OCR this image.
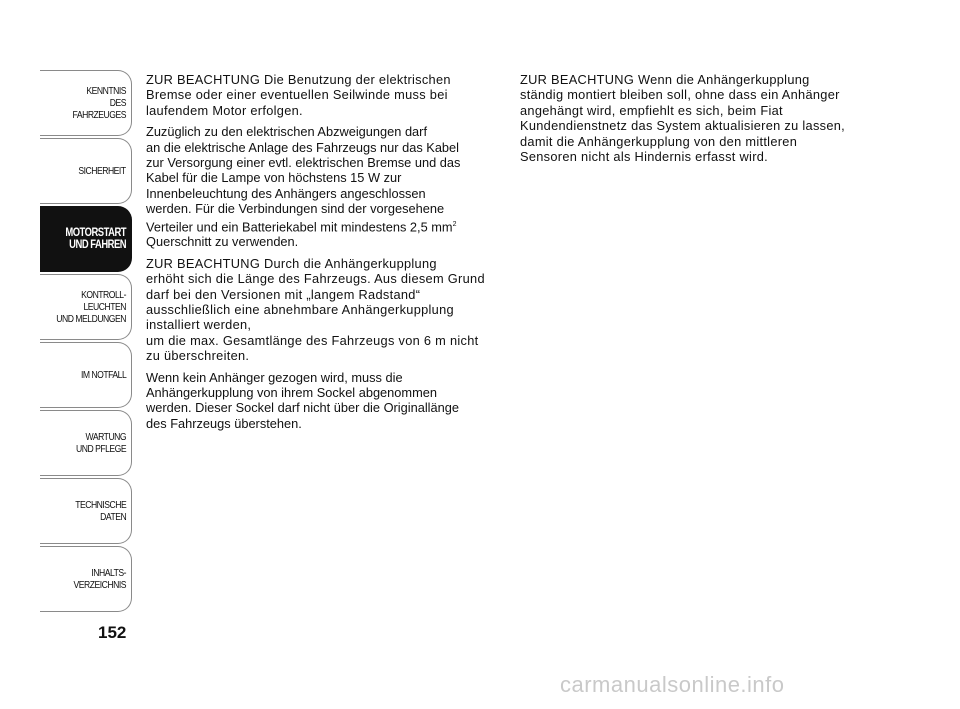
KENNTNIS
DES FAHRZEUGES
SICHERHEIT
MOTORSTART
UND FAHREN
KONTROLL-
LEUCHTEN
UND MELDUNGEN
IM NOTFALL
WARTUNG
UND PFLEGE
TECHNISCHE
DATEN
INHALTS-
VERZEICHNIS
152

ZUR BEACHTUNG Die Benutzung der elektrischen
Bremse oder einer eventuellen Seilwinde muss bei
laufendem Motor erfolgen.

Zuzüglich zu den elektrischen Abzweigungen darf
an die elektrische Anlage des Fahrzeugs nur das Kabel
zur Versorgung einer evtl. elektrischen Bremse und das
Kabel für die Lampe von höchstens 15 W zur
Innenbeleuchtung des Anhängers angeschlossen
werden. Für die Verbindungen sind der vorgesehene
Verteiler und ein Batteriekabel mit mindestens 2,5 $mm^2$
Querschnitt zu verwenden.

ZUR BEACHTUNG Durch die Anhängerkupplung
erhöht sich die Länge des Fahrzeugs. Aus diesem Grund
darf bei den Versionen mit „langem Radstand“
ausschließlich eine abnehmbare Anhängerkupplung
installiert werden,
um die max. Gesamtlänge des Fahrzeugs von 6 m nicht
zu überschreiten.

Wenn kein Anhänger gezogen wird, muss die
Anhängerkupplung von ihrem Sockel abgenommen
werden. Dieser Sockel darf nicht über die Originallänge
des Fahrzeugs überstehen.

ZUR BEACHTUNG Wenn die Anhängerkupplung
ständig montiert bleiben soll, ohne dass ein Anhänger
angehängt wird, empfiehlt es sich, beim Fiat
Kundendienstnetz das System aktualisieren zu lassen,
damit die Anhängerkupplung von den mittleren
Sensoren nicht als Hindernis erfasst wird.

carmanualsonline.info
